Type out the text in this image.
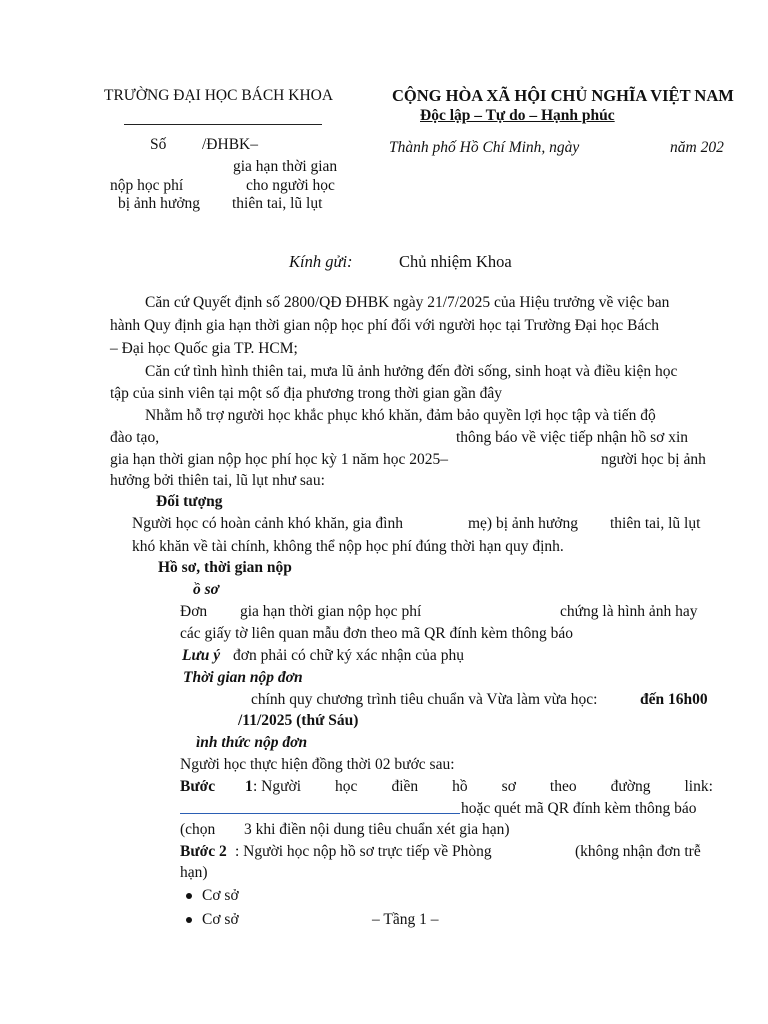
TRƯỜNG ĐẠI HỌC BÁCH KHOA	CỘNG HÒA XÃ HỘI CHỦ NGHĨA VIỆT NAM
Độc lập – Tự do – Hạnh phúc
Số /ĐHBK–	Thành phố Hồ Chí Minh, ngày	năm 202
gia hạn thời gian
nộp học phí	cho người học
bị ảnh hưởng thiên tai, lũ lụt
Kính gửi:	Chủ nhiệm Khoa
Căn cứ Quyết định số 2800/QĐ ĐHBK ngày 21/7/2025 của Hiệu trưởng về việc ban
hành Quy định gia hạn thời gian nộp học phí đối với người học tại Trường Đại học Bách
– Đại học Quốc gia TP. HCM;
Căn cứ tình hình thiên tai, mưa lũ ảnh hưởng đến đời sống, sinh hoạt và điều kiện học
tập của sinh viên tại một số địa phương trong thời gian gần đây
Nhằm hỗ trợ người học khắc phục khó khăn, đảm bảo quyền lợi học tập và tiến độ
đào tạo,	thông báo về việc tiếp nhận hồ sơ xin
gia hạn thời gian nộp học phí học kỳ 1 năm học 2025–	người học bị ảnh
hưởng bởi thiên tai, lũ lụt như sau:
Đối tượng
Người học có hoàn cảnh khó khăn, gia đình	mẹ) bị ảnh hưởng thiên tai, lũ lụt
khó khăn về tài chính, không thể nộp học phí đúng thời hạn quy định.
Hồ sơ, thời gian nộp
ồ sơ
Đơn gia hạn thời gian nộp học phí	chứng là hình ảnh hay
các giấy tờ liên quan mẫu đơn theo mã QR đính kèm thông báo
Lưu ý đơn phải có chữ ký xác nhận của phụ
Thời gian nộp đơn
chính quy chương trình tiêu chuẩn và Vừa làm vừa học:	đến 16h00
/11/2025 (thứ Sáu)
ình thức nộp đơn
Người học thực hiện đồng thời 02 bước sau:
Bước 1 : Người học điền hồ sơ theo đường link:
hoặc quét mã QR đính kèm thông báo
(chọn 3 khi điền nội dung tiêu chuẩn xét gia hạn)
Bước 2 : Người học nộp hồ sơ trực tiếp về Phòng	(không nhận đơn trễ
hạn)
Cơ sở
Cơ sở	– Tầng 1 –
